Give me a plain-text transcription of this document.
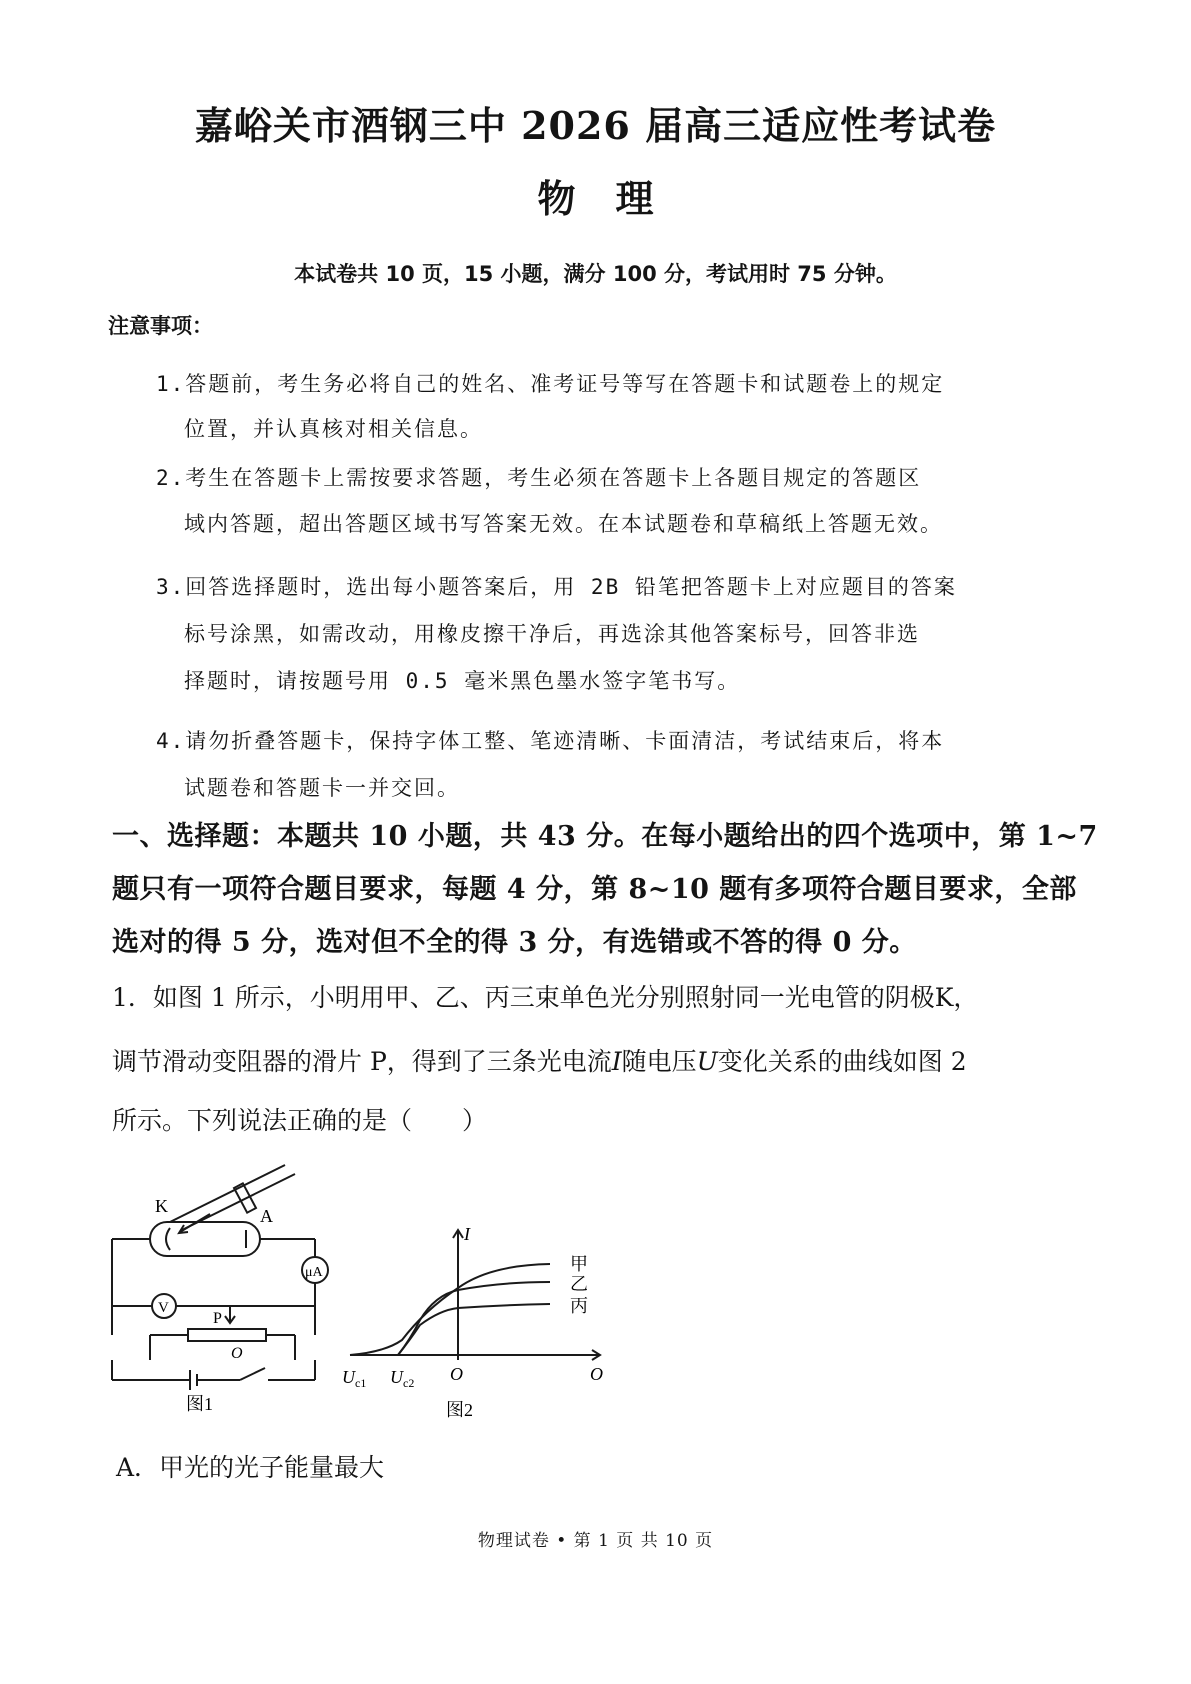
嘉峪关市酒钢三中 2026 届高三适应性考试卷
物理
本试卷共 10 页，15 小题，满分 100 分，考试用时 75 分钟。
注意事项：
1.答题前，考生务必将自己的姓名、准考证号等写在答题卡和试题卷上的规定
位置，并认真核对相关信息。
2.考生在答题卡上需按要求答题，考生必须在答题卡上各题目规定的答题区
域内答题，超出答题区域书写答案无效。在本试题卷和草稿纸上答题无效。
3.回答选择题时，选出每小题答案后，用 2B 铅笔把答题卡上对应题目的答案
标号涂黑，如需改动，用橡皮擦干净后，再选涂其他答案标号，回答非选
择题时，请按题号用 0.5 毫米黑色墨水签字笔书写。
4.请勿折叠答题卡，保持字体工整、笔迹清晰、卡面清洁，考试结束后，将本
试题卷和答题卡一并交回。
一、选择题：本题共 10 小题，共 43 分。在每小题给出的四个选项中，第 1~7
题只有一项符合题目要求，每题 4 分，第 8~10 题有多项符合题目要求，全部
选对的得 5 分，选对但不全的得 3 分，有选错或不答的得 0 分。
1．如图 1 所示，小明用甲、乙、丙三束单色光分别照射同一光电管的阴极K，
调节滑动变阻器的滑片 P，得到了三条光电流I随电压U变化关系的曲线如图 2
所示。下列说法正确的是（　　）
K	A
μA
V
P
O
图1
I
O
O
$U_{c1}$ $U_{c2}$
甲
乙
丙
图2
A．甲光的光子能量最大
物理试卷 • 第 1 页 共 10 页
